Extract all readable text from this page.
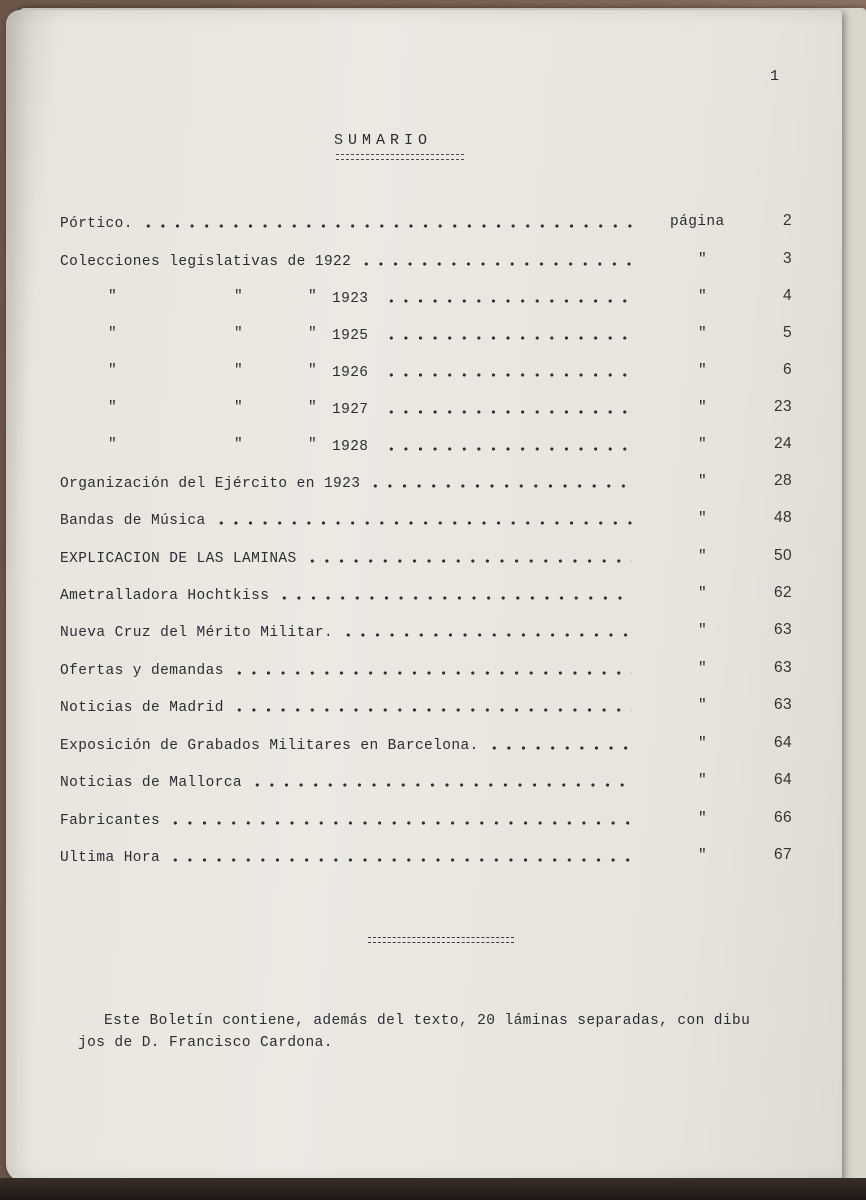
1
SUMARIO
Pórtico.	página	2
Colecciones legislativas de 1922	"	3
"	"	" 1923	"	4
"	"	" 1925	"	5
"	"	" 1926	"	6
"	"	" 1927	"	23
"	"	" 1928	"	24
Organización del Ejército en 1923	"	28
Bandas de Música	"	48
EXPLICACION DE LAS LAMINAS	"	50
Ametralladora Hochtkiss	"	62
Nueva Cruz del Mérito Militar.	"	63
Ofertas y demandas	"	63
Noticias de Madrid	"	63
Exposición de Grabados Militares en Barcelona.	"	64
Noticias de Mallorca	"	64
Fabricantes	"	66
Ultima Hora	"	67
Este Boletín contiene, además del texto, 20 láminas separadas, con dibu
jos de D. Francisco Cardona.
